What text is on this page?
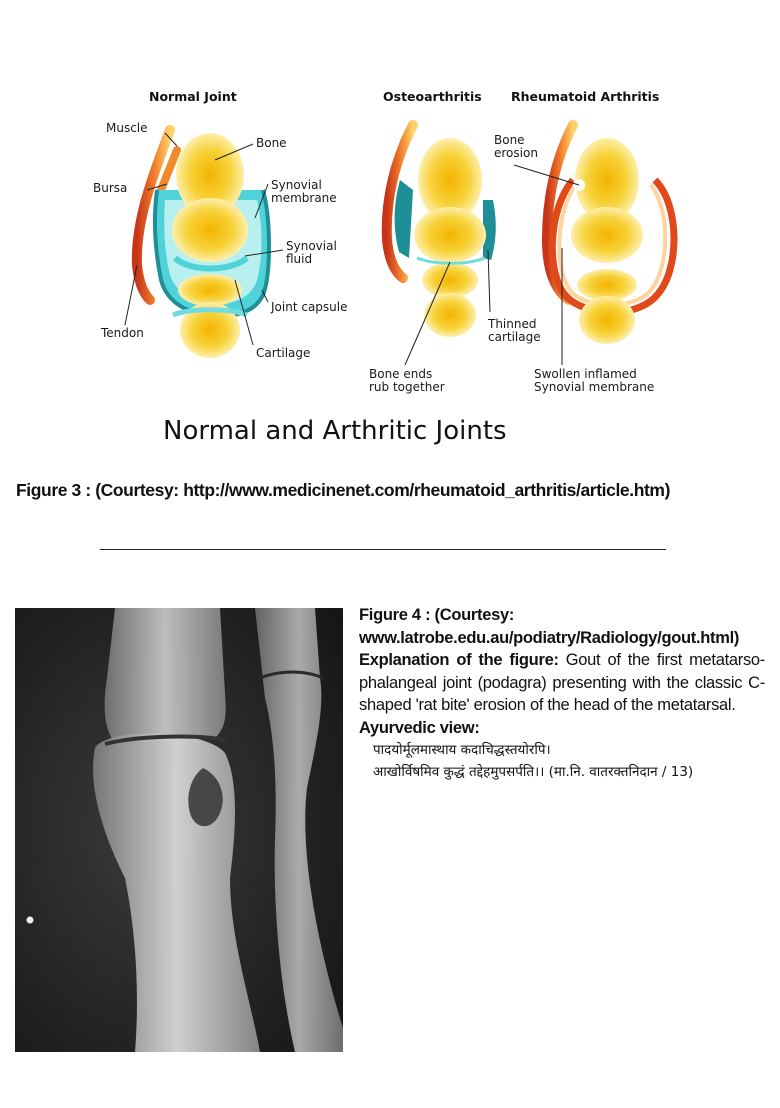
Normal Joint	Osteoarthritis Rheumatoid Arthritis
Muscle
Bone
Bursa	Synovial
membrane
Synovial
fluid
Joint capsule
Tendon
Cartilage
Bone
erosion
Thinned
cartilage
Bone ends
rub together
Swollen inflamed
Synovial membrane
Normal and Arthritic Joints
Figure 3 : (Courtesy: http://www.medicinenet.com/rheumatoid_arthritis/article.htm)
Figure 4 : (Courtesy:
www.latrobe.edu.au/podiatry/Radiology/gout.html)
Explanation of the figure: Gout of the first metatarso-phalangeal joint (podagra) presenting with the classic C-shaped 'rat bite' erosion of the head of the metatarsal.
Ayurvedic view:
पादयोर्मूलमास्थाय कदाचिद्धस्तयोरपि।
आखोर्विषमिव कुद्धं तद्देहमुपसर्पति।। (मा.नि. वातरक्तनिदान / 13)
